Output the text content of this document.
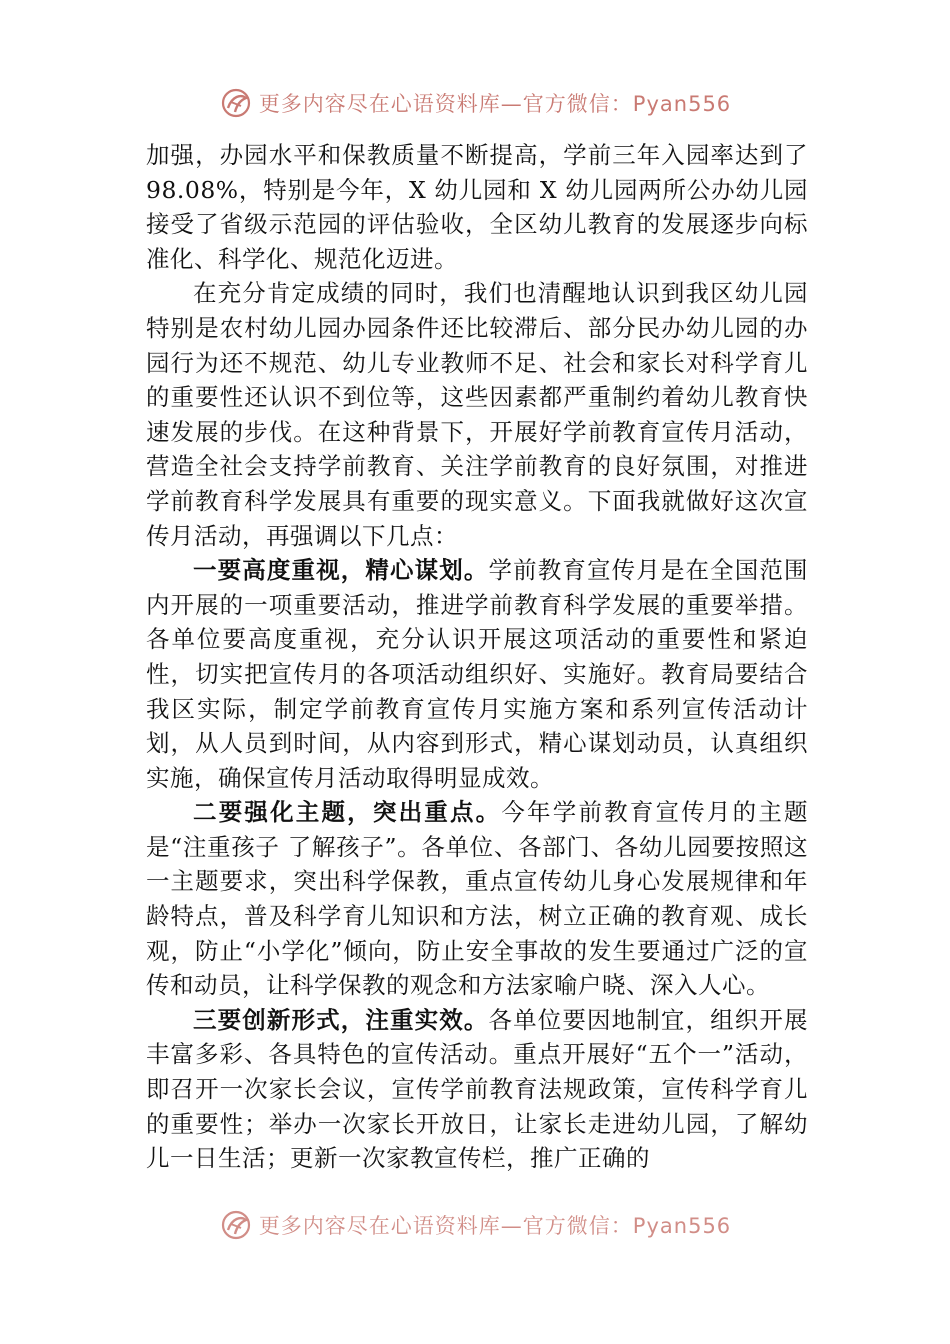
更多内容尽在心语资料库—官方微信：Pyan556

加强，办园水平和保教质量不断提高，学前三年入园率达到了 98.08%，特别是今年，X 幼儿园和 X 幼儿园两所公办幼儿园接受了省级示范园的评估验收，全区幼儿教育的发展逐步向标准化、科学化、规范化迈进。

在充分肯定成绩的同时，我们也清醒地认识到我区幼儿园特别是农村幼儿园办园条件还比较滞后、部分民办幼儿园的办园行为还不规范、幼儿专业教师不足、社会和家长对科学育儿的重要性还认识不到位等，这些因素都严重制约着幼儿教育快速发展的步伐。在这种背景下，开展好学前教育宣传月活动，营造全社会支持学前教育、关注学前教育的良好氛围，对推进学前教育科学发展具有重要的现实意义。下面我就做好这次宣传月活动，再强调以下几点：

一要高度重视，精心谋划。学前教育宣传月是在全国范围内开展的一项重要活动，推进学前教育科学发展的重要举措。各单位要高度重视，充分认识开展这项活动的重要性和紧迫性，切实把宣传月的各项活动组织好、实施好。教育局要结合我区实际，制定学前教育宣传月实施方案和系列宣传活动计划，从人员到时间，从内容到形式，精心谋划动员，认真组织实施，确保宣传月活动取得明显成效。

二要强化主题，突出重点。今年学前教育宣传月的主题是“注重孩子 了解孩子”。各单位、各部门、各幼儿园要按照这一主题要求，突出科学保教，重点宣传幼儿身心发展规律和年龄特点，普及科学育儿知识和方法，树立正确的教育观、成长观，防止“小学化”倾向，防止安全事故的发生要通过广泛的宣传和动员，让科学保教的观念和方法家喻户晓、深入人心。

三要创新形式，注重实效。各单位要因地制宜，组织开展丰富多彩、各具特色的宣传活动。重点开展好“五个一”活动，即召开一次家长会议，宣传学前教育法规政策，宣传科学育儿的重要性；举办一次家长开放日，让家长走进幼儿园，了解幼儿一日生活；更新一次家教宣传栏，推广正确的

更多内容尽在心语资料库—官方微信：Pyan556
